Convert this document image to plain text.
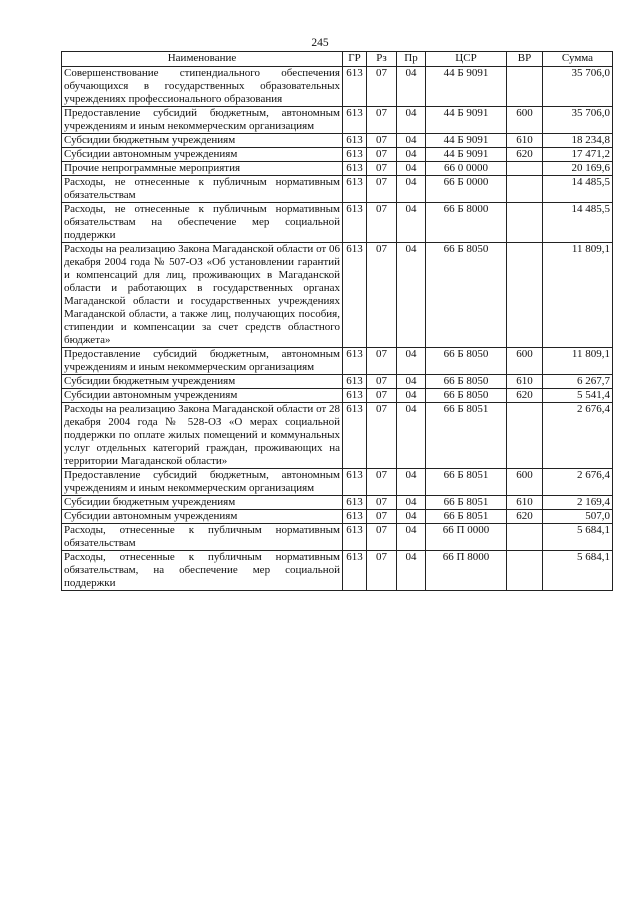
245
Наименование	ГР	Рз	Пр	ЦСР	ВР	Сумма
Совершенствование стипендиального обеспечения обучающихся в государственных образовательных учреждениях профессионального образования	613	07	04	44 Б 9091		35 706,0
Предоставление субсидий бюджетным, автономным учреждениям и иным некоммерческим организациям	613	07	04	44 Б 9091	600	35 706,0
Субсидии бюджетным учреждениям	613	07	04	44 Б 9091	610	18 234,8
Субсидии автономным учреждениям	613	07	04	44 Б 9091	620	17 471,2
Прочие непрограммные мероприятия	613	07	04	66 0 0000		20 169,6
Расходы, не отнесенные к публичным нормативным обязательствам	613	07	04	66 Б 0000		14 485,5
Расходы, не отнесенные к публичным нормативным обязательствам на обеспечение мер социальной поддержки	613	07	04	66 Б 8000		14 485,5
Расходы на реализацию Закона Магаданской области от 06 декабря 2004 года № 507-ОЗ «Об установлении гарантий и компенсаций для лиц, проживающих в Магаданской области и работающих в государственных органах Магаданской области и государственных учреждениях Магаданской области, а также лиц, получающих пособия, стипендии и компенсации за счет средств областного бюджета»	613	07	04	66 Б 8050		11 809,1
Предоставление субсидий бюджетным, автономным учреждениям и иным некоммерческим организациям	613	07	04	66 Б 8050	600	11 809,1
Субсидии бюджетным учреждениям	613	07	04	66 Б 8050	610	6 267,7
Субсидии автономным учреждениям	613	07	04	66 Б 8050	620	5 541,4
Расходы на реализацию Закона Магаданской области от 28 декабря 2004 года № 528-ОЗ «О мерах социальной поддержки по оплате жилых помещений и коммунальных услуг отдельных категорий граждан, проживающих на территории Магаданской области»	613	07	04	66 Б 8051		2 676,4
Предоставление субсидий бюджетным, автономным учреждениям и иным некоммерческим организациям	613	07	04	66 Б 8051	600	2 676,4
Субсидии бюджетным учреждениям	613	07	04	66 Б 8051	610	2 169,4
Субсидии автономным учреждениям	613	07	04	66 Б 8051	620	507,0
Расходы, отнесенные к публичным нормативным обязательствам	613	07	04	66 П 0000		5 684,1
Расходы, отнесенные к публичным нормативным обязательствам, на обеспечение мер социальной поддержки	613	07	04	66 П 8000		5 684,1
